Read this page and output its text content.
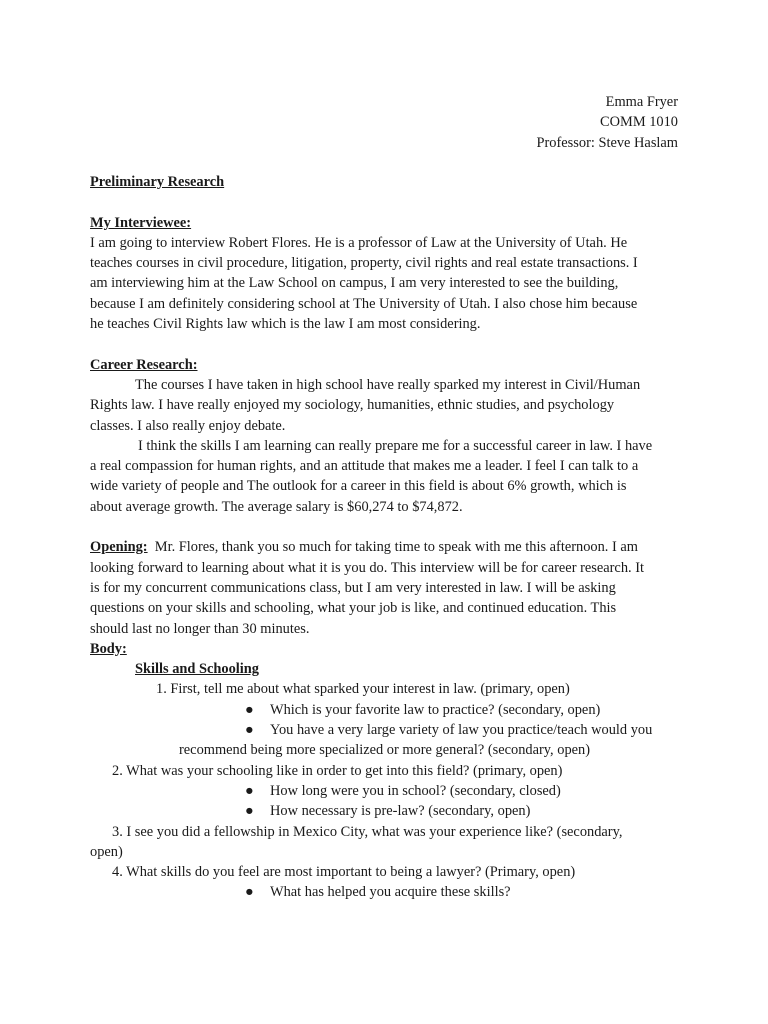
Emma Fryer
COMM 1010
Professor: Steve Haslam

Preliminary Research

My Interviewee:

I am going to interview Robert Flores. He is a professor of Law at the University of Utah. He

teaches courses in civil procedure, litigation, property, civil rights and real estate transactions. I

am interviewing him at the Law School on campus, I am very interested to see the building,

because I am definitely considering school at The University of Utah. I also chose him because

he teaches Civil Rights law which is the law I am most considering.

Career Research:

The courses I have taken in high school have really sparked my interest in Civil/Human

Rights law. I have really enjoyed my sociology, humanities, ethnic studies, and psychology

classes. I also really enjoy debate.

I think the skills I am learning can really prepare me for a successful career in law. I have

a real compassion for human rights, and an attitude that makes me a leader. I feel I can talk to a

wide variety of people and The outlook for a career in this field is about 6% growth, which is

about average growth. The average salary is $60,274 to $74,872.

Opening:  Mr. Flores, thank you so much for taking time to speak with me this afternoon. I am

looking forward to learning about what it is you do. This interview will be for career research. It

is for my concurrent communications class, but I am very interested in law. I will be asking

questions on your skills and schooling, what your job is like, and continued education. This

should last no longer than 30 minutes.

Body:

Skills and Schooling

1. First, tell me about what sparked your interest in law. (primary, open)

● Which is your favorite law to practice? (secondary, open)

● You have a very large variety of law you practice/teach would you

recommend being more specialized or more general? (secondary, open)

2. What was your schooling like in order to get into this field? (primary, open)

● How long were you in school? (secondary, closed)

● How necessary is pre-law? (secondary, open)

3. I see you did a fellowship in Mexico City, what was your experience like? (secondary,

open)

4. What skills do you feel are most important to being a lawyer? (Primary, open)

● What has helped you acquire these skills?
